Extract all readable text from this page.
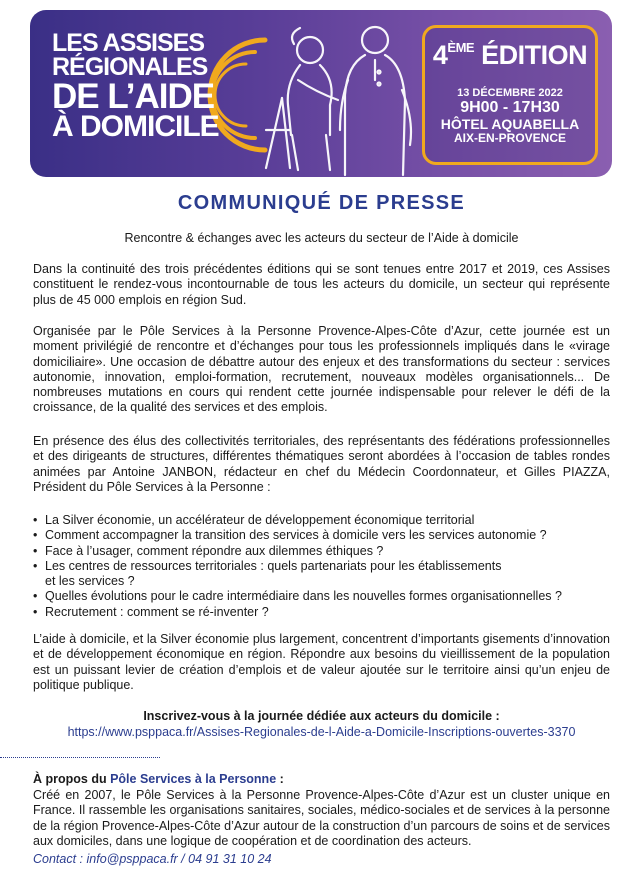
LES ASSISES
RÉGIONALES
DE L’AIDE
À DOMICILE
4ÈME ÉDITION
13 DÉCEMBRE 2022
9H00 - 17H30
HÔTEL AQUABELLA
AIX-EN-PROVENCE
COMMUNIQUÉ DE PRESSE
Rencontre & échanges avec les acteurs du secteur de l’Aide à domicile

Dans la continuité des trois précédentes éditions qui se sont tenues entre 2017 et 2019, ces Assises constituent le rendez-vous incontournable de tous les acteurs du domicile, un secteur qui représente plus de 45 000 emplois en région Sud.

Organisée par le Pôle Services à la Personne Provence-Alpes-Côte d’Azur, cette journée est un moment privilégié de rencontre et d’échanges pour tous les professionnels impliqués dans le «virage domiciliaire». Une occasion de débattre autour des enjeux et des transformations du secteur : services autonomie, innovation, emploi-formation, recrutement, nouveaux modèles organisationnels... De nombreuses mutations en cours qui rendent cette journée indispensable pour relever le défi de la croissance, de la qualité des services et des emplois.

En présence des élus des collectivités territoriales, des représentants des fédérations professionnelles et des dirigeants de structures, différentes thématiques seront abordées à l’occasion de tables rondes animées par Antoine JANBON, rédacteur en chef du Médecin Coordonnateur, et Gilles PIAZZA, Président du Pôle Services à la Personne :

• La Silver économie, un accélérateur de développement économique territorial
• Comment accompagner la transition des services à domicile vers les services autonomie ?
• Face à l’usager, comment répondre aux dilemmes éthiques ?
• Les centres de ressources territoriales : quels partenariats pour les établissements
et les services ?
• Quelles évolutions pour le cadre intermédiaire dans les nouvelles formes organisationnelles ?
• Recrutement : comment se ré-inventer ?

L’aide à domicile, et la Silver économie plus largement, concentrent d’importants gisements d’innovation et de développement économique en région. Répondre aux besoins du vieillissement de la population est un puissant levier de création d’emplois et de valeur ajoutée sur le territoire ainsi qu’un enjeu de politique publique.

Inscrivez-vous à la journée dédiée aux acteurs du domicile :
https://www.psppaca.fr/Assises-Regionales-de-l-Aide-a-Domicile-Inscriptions-ouvertes-3370
À propos du Pôle Services à la Personne :

Créé en 2007, le Pôle Services à la Personne Provence-Alpes-Côte d’Azur est un cluster unique en France. Il rassemble les organisations sanitaires, sociales, médico-sociales et de services à la personne de la région Provence-Alpes-Côte d’Azur autour de la construction d’un parcours de soins et de services aux domiciles, dans une logique de coopération et de coordination des acteurs.

Contact : info@psppaca.fr / 04 91 31 10 24
